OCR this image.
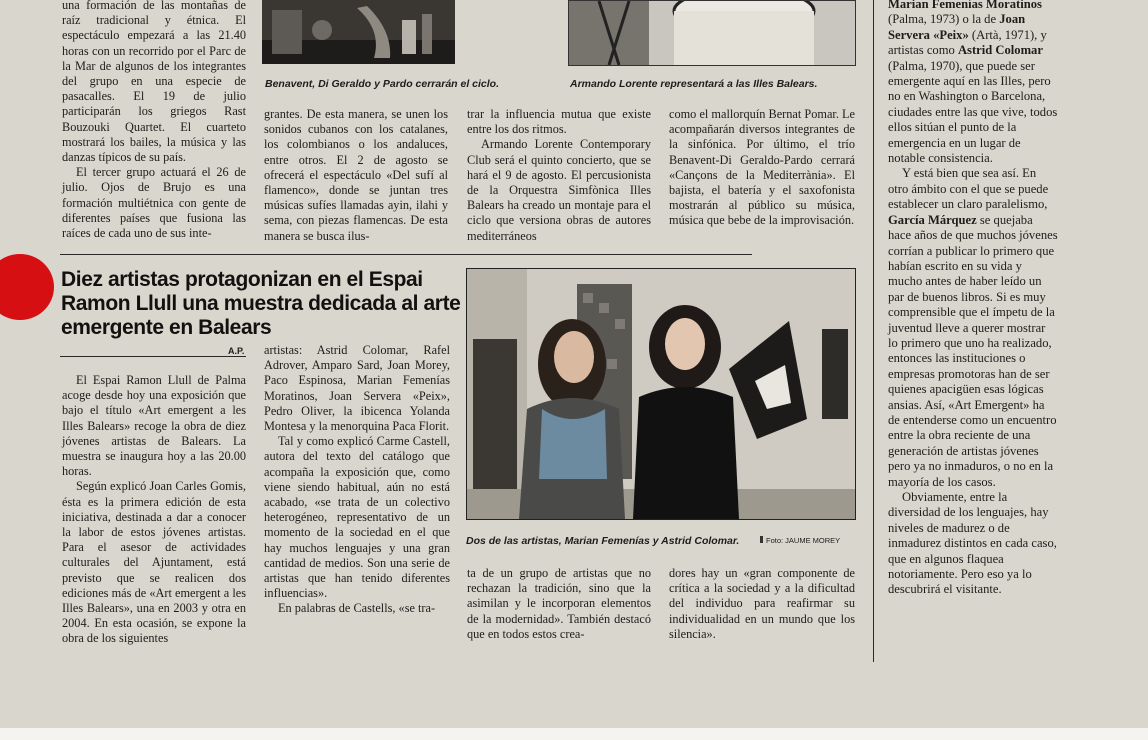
una formación de las montañas de raíz tradicional y étnica. El espectáculo empezará a las 21.40 horas con un recorrido por el Parc de la Mar de algunos de los integrantes del grupo en una especie de pasacalles. El 19 de julio participarán los griegos Rast Bouzouki Quartet. El cuarteto mostrará los bailes, la música y las danzas típicos de su país.

El tercer grupo actuará el 26 de julio. Ojos de Brujo es una formación multiétnica con gente de diferentes países que fusiona las raíces de cada uno de sus inte-

Benavent, Di Geraldo y Pardo cerrarán el ciclo.	Armando Lorente representará a las Illes Balears.

grantes. De esta manera, se unen los sonidos cubanos con los catalanes, los colombianos o los andaluces, entre otros. El 2 de agosto se ofrecerá el espectáculo «Del sufí al flamenco», donde se juntan tres músicas sufíes llamadas ayin, ilahi y sema, con piezas flamencas. De esta manera se busca ilus-

trar la influencia mutua que existe entre los dos ritmos.

Armando Lorente Contemporary Club será el quinto concierto, que se hará el 9 de agosto. El percusionista de la Orquestra Simfònica Illes Balears ha creado un montaje para el ciclo que versiona obras de autores mediterráneos

como el mallorquín Bernat Pomar. Le acompañarán diversos integrantes de la sinfónica. Por último, el trío Benavent-Di Geraldo-Pardo cerrará «Cançons de la Mediterrània». El bajista, el batería y el saxofonista mostrarán al público su música, música que bebe de la improvisación.

Diez artistas protagonizan en el Espai Ramon Llull una muestra dedicada al arte emergente en Balears
A.P.

El Espai Ramon Llull de Palma acoge desde hoy una exposición que bajo el título «Art emergent a les Illes Balears» recoge la obra de diez jóvenes artistas de Balears. La muestra se inaugura hoy a las 20.00 horas.

Según explicó Joan Carles Gomis, ésta es la primera edición de esta iniciativa, destinada a dar a conocer la labor de estos jóvenes artistas. Para el asesor de actividades culturales del Ajuntament, está previsto que se realicen dos ediciones más de «Art emergent a les Illes Balears», una en 2003 y otra en 2004. En esta ocasión, se expone la obra de los siguientes

artistas: Astrid Colomar, Rafel Adrover, Amparo Sard, Joan Morey, Paco Espinosa, Marian Femenías Moratinos, Joan Servera «Peix», Pedro Oliver, la ibicenca Yolanda Montesa y la menorquina Paca Florit.

Tal y como explicó Carme Castell, autora del texto del catálogo que acompaña la exposición que, como viene siendo habitual, aún no está acabado, «se trata de un colectivo heterogéneo, representativo de un momento de la sociedad en el que hay muchos lenguajes y una gran cantidad de medios. Son una serie de artistas que han tenido diferentes influencias».

En palabras de Castells, «se tra-

ta de un grupo de artistas que no rechazan la tradición, sino que la asimilan y le incorporan elementos de la modernidad». También destacó que en todos estos crea-

dores hay un «gran componente de crítica a la sociedad y a la dificultad del individuo para reafirmar su individualidad en un mundo que los silencia».

Dos de las artistas, Marian Femenías y Astrid Colomar.	Foto: JAUME MOREY

Marian Femenías Moratinos (Palma, 1973) o la de Joan Servera «Peix» (Artà, 1971), y artistas como Astrid Colomar (Palma, 1970), que puede ser emergente aquí en las Illes, pero no en Washington o Barcelona, ciudades entre las que vive, todos ellos sitúan el punto de la emergencia en un lugar de notable consistencia.

Y está bien que sea así. En otro ámbito con el que se puede establecer un claro paralelismo, García Márquez se quejaba hace años de que muchos jóvenes corrían a publicar lo primero que habían escrito en su vida y mucho antes de haber leído un par de buenos libros. Si es muy comprensible que el ímpetu de la juventud lleve a querer mostrar lo primero que uno ha realizado, entonces las instituciones o empresas promotoras han de ser quienes apacigüen esas lógicas ansias. Así, «Art Emergent» ha de entenderse como un encuentro entre la obra reciente de una generación de artistas jóvenes pero ya no inmaduros, o no en la mayoría de los casos.

Obviamente, entre la diversidad de los lenguajes, hay niveles de madurez o de inmadurez distintos en cada caso, que en algunos flaquea notoriamente. Pero eso ya lo descubrirá el visitante.
